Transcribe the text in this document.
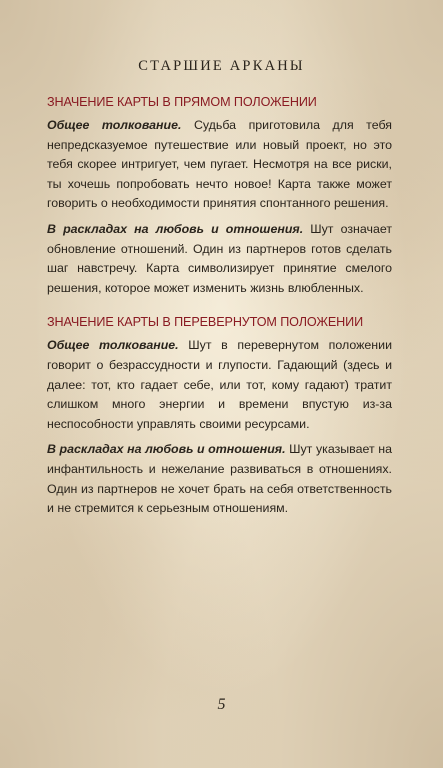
СТАРШИЕ АРКАНЫ
ЗНАЧЕНИЕ КАРТЫ В ПРЯМОМ ПОЛОЖЕНИИ

Общее толкование. Судьба приготовила для тебя непредсказуемое путешествие или новый проект, но это тебя скорее интригует, чем пугает. Несмотря на все риски, ты хочешь попробовать нечто новое! Карта также может говорить о необходимости принятия спонтанного решения.

В раскладах на любовь и отношения. Шут означает обновление отношений. Один из партнеров готов сделать шаг навстречу. Карта символизирует принятие смелого решения, которое может изменить жизнь влюбленных.

ЗНАЧЕНИЕ КАРТЫ В ПЕРЕВЕРНУТОМ ПОЛОЖЕНИИ

Общее толкование. Шут в перевернутом положении говорит о безрассудности и глупости. Гадающий (здесь и далее: тот, кто гадает себе, или тот, кому гадают) тратит слишком много энергии и времени впустую из-за неспособности управлять своими ресурсами.

В раскладах на любовь и отношения. Шут указывает на инфантильность и нежелание развиваться в отношениях. Один из партнеров не хочет брать на себя ответственность и не стремится к серьезным отношениям.

5
